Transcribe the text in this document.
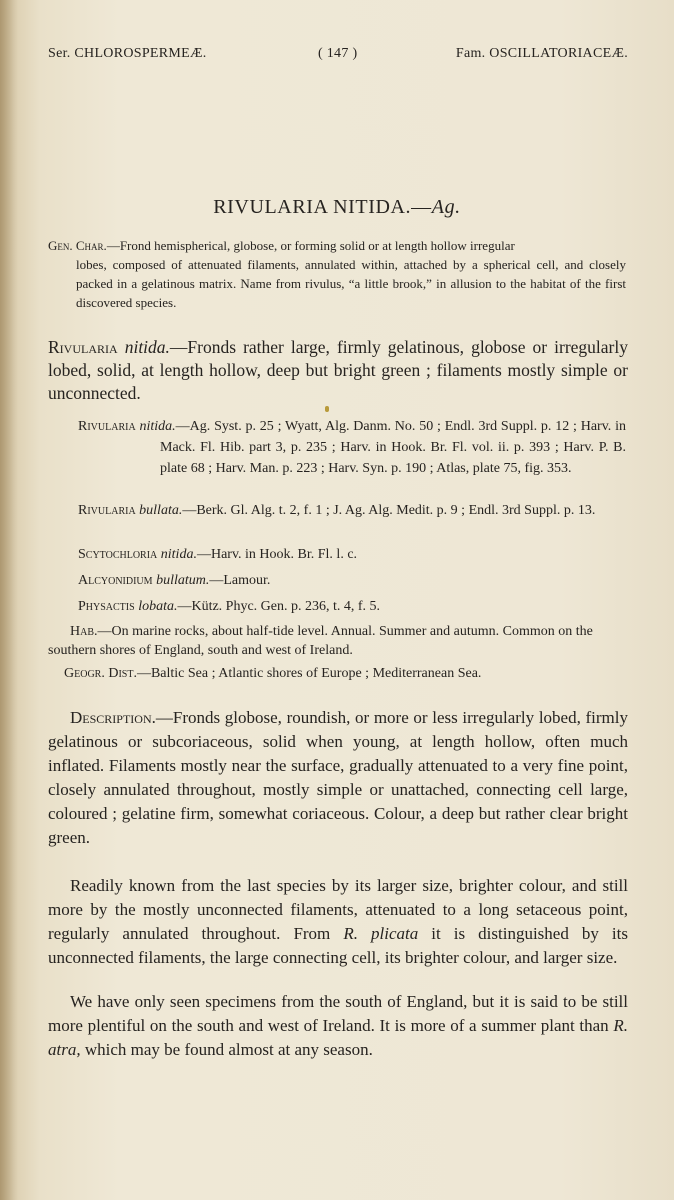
Ser. CHLOROSPERMEÆ.	( 147 )	Fam. OSCILLATORIACEÆ.
RIVULARIA NITIDA.—Ag.
Gen. Char.—Frond hemispherical, globose, or forming solid or at length hollow irregular
lobes, composed of attenuated filaments, annulated within, attached by a spherical cell, and closely packed in a gelatinous matrix. Name from rivulus, “a little brook,” in allusion to the habitat of the first discovered species.
Rivularia nitida.—Fronds rather large, firmly gelatinous, globose or irregularly lobed, solid, at length hollow, deep but bright green ; filaments mostly simple or unconnected.
Rivularia nitida.—Ag. Syst. p. 25 ; Wyatt, Alg. Danm. No. 50 ; Endl. 3rd Suppl. p. 12 ; Harv. in Mack. Fl. Hib. part 3, p. 235 ; Harv. in Hook. Br. Fl. vol. ii. p. 393 ; Harv. P. B. plate 68 ; Harv. Man. p. 223 ; Harv. Syn. p. 190 ; Atlas, plate 75, fig. 353.
Rivularia bullata.—Berk. Gl. Alg. t. 2, f. 1 ; J. Ag. Alg. Medit. p. 9 ; Endl. 3rd Suppl. p. 13.
Scytochloria nitida.—Harv. in Hook. Br. Fl. l. c.
Alcyonidium bullatum.—Lamour.
Physactis lobata.—Kütz. Phyc. Gen. p. 236, t. 4, f. 5.
Hab.—On marine rocks, about half-tide level. Annual. Summer and autumn. Common on the southern shores of England, south and west of Ireland.
Geogr. Dist.—Baltic Sea ; Atlantic shores of Europe ; Mediterranean Sea.
Description.—Fronds globose, roundish, or more or less irregularly lobed, firmly gelatinous or subcoriaceous, solid when young, at length hollow, often much inflated. Filaments mostly near the surface, gradually attenuated to a very fine point, closely annulated throughout, mostly simple or unattached, connecting cell large, coloured ; gelatine firm, somewhat coriaceous. Colour, a deep but rather clear bright green.
Readily known from the last species by its larger size, brighter colour, and still more by the mostly unconnected filaments, attenuated to a long setaceous point, regularly annulated throughout. From R. plicata it is distinguished by its unconnected filaments, the large connecting cell, its brighter colour, and larger size.
We have only seen specimens from the south of England, but it is said to be still more plentiful on the south and west of Ireland. It is more of a summer plant than R. atra, which may be found almost at any season.
